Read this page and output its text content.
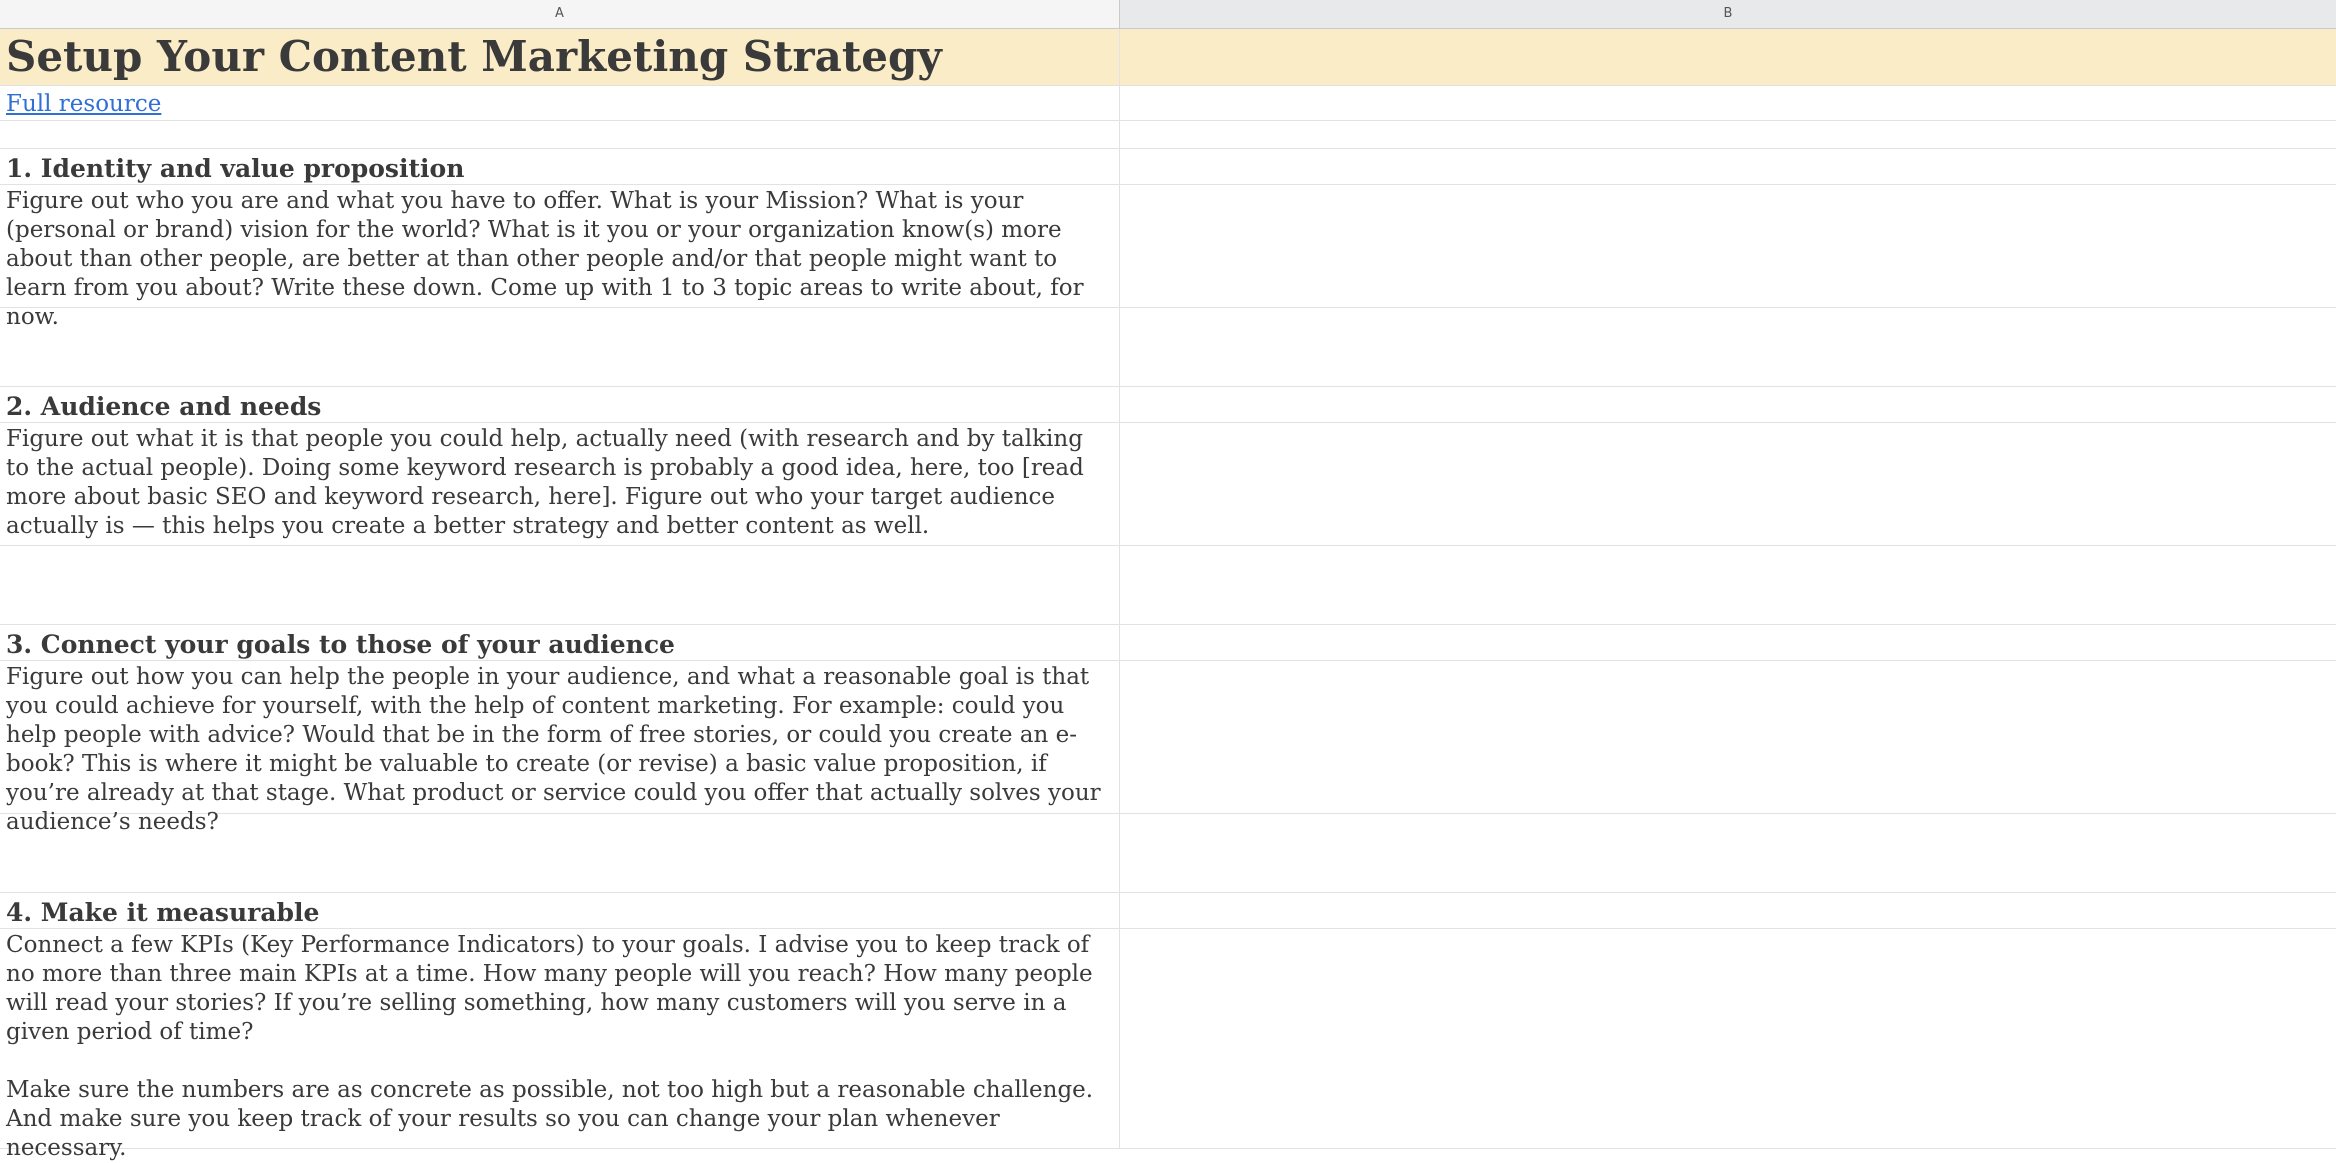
A	B
Setup Your Content Marketing Strategy
Full resource
1. Identity and value proposition
Figure out who you are and what you have to offer. What is your Mission? What is your (personal or brand) vision for the world? What is it you or your organization know(s) more about than other people, are better at than other people and/or that people might want to learn from you about? Write these down. Come up with 1 to 3 topic areas to write about, for now.
2. Audience and needs
Figure out what it is that people you could help, actually need (with research and by talking to the actual people). Doing some keyword research is probably a good idea, here, too [read more about basic SEO and keyword research, here]. Figure out who your target audience actually is — this helps you create a better strategy and better content as well.
3. Connect your goals to those of your audience
Figure out how you can help the people in your audience, and what a reasonable goal is that you could achieve for yourself, with the help of content marketing. For example: could you help people with advice? Would that be in the form of free stories, or could you create an e-book? This is where it might be valuable to create (or revise) a basic value proposition, if you’re already at that stage. What product or service could you offer that actually solves your audience’s needs?
4. Make it measurable
Connect a few KPIs (Key Performance Indicators) to your goals. I advise you to keep track of no more than three main KPIs at a time. How many people will you reach? How many people will read your stories? If you’re selling something, how many customers will you serve in a given period of time?

Make sure the numbers are as concrete as possible, not too high but a reasonable challenge. And make sure you keep track of your results so you can change your plan whenever necessary.
